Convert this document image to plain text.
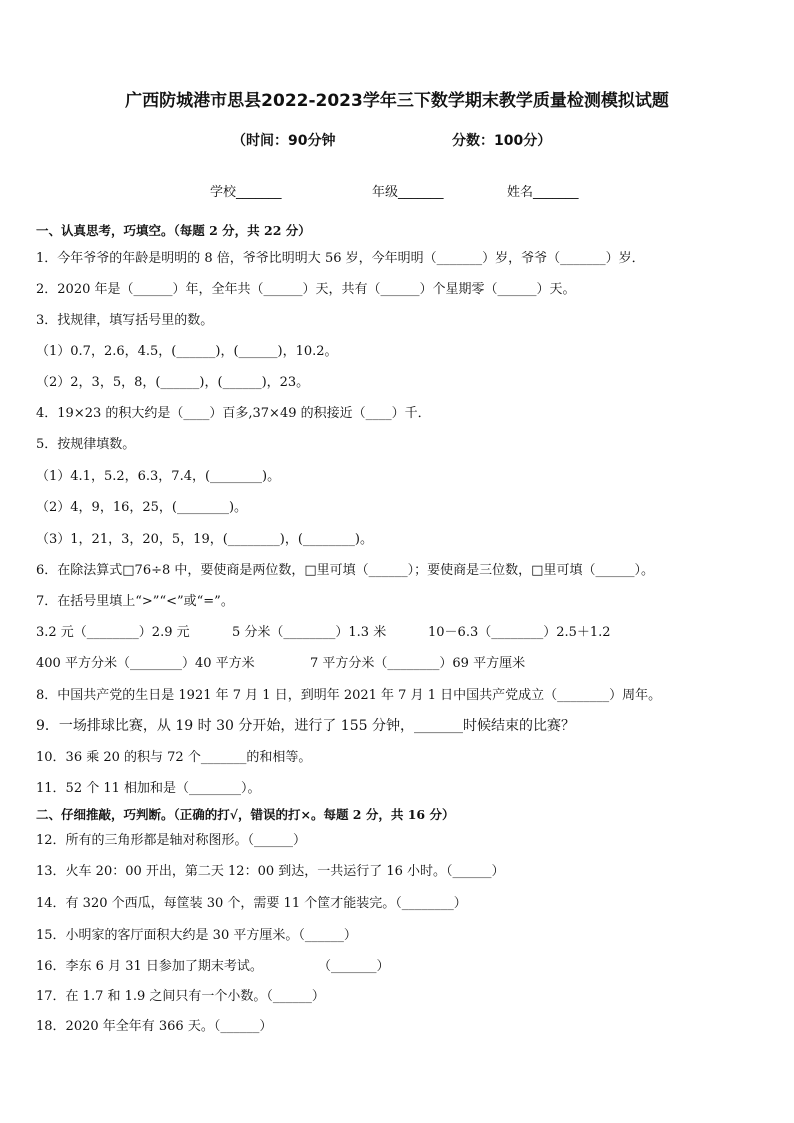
广西防城港市思县2022-2023学年三下数学期末教学质量检测模拟试题
（时间：90分钟	分数：100分）
学校_______	年级_______	姓名_______
一、认真思考，巧填空。（每题 2 分，共 22 分）
1．今年爷爷的年龄是明明的 8 倍，爷爷比明明大 56 岁，今年明明（_______）岁，爷爷（_______）岁．
2．2020 年是（______）年，全年共（______）天，共有（______）个星期零（______）天。
3．找规律，填写括号里的数。
（1）0.7，2.6，4.5，(______)，(______)，10.2。
（2）2，3，5，8，(______)，(______)，23。
4．19×23 的积大约是（____）百多,37×49 的积接近（____）千．
5．按规律填数。
（1）4.1，5.2，6.3，7.4，(________)。
（2）4，9，16，25，(________)。
（3）1，21，3，20，5，19，(________)，(________)。
6．在除法算式□76÷8 中，要使商是两位数，□里可填（______）；要使商是三位数，□里可填（______）。
7．在括号里填上“>”“<”或“=”。
3.2 元（________）2.9 元	5 分米（________）1.3 米	10－6.3（________）2.5＋1.2
400 平方分米（________）40 平方米	7 平方分米（________）69 平方厘米
8．中国共产党的生日是 1921 年 7 月 1 日，到明年 2021 年 7 月 1 日中国共产党成立（________）周年。
9．一场排球比赛，从 19 时 30 分开始，进行了 155 分钟，_______时候结束的比赛？
10．36 乘 20 的积与 72 个_______的和相等。
11．52 个 11 相加和是（________）。
二、仔细推敲，巧判断。（正确的打√，错误的打×。每题 2 分，共 16 分）
12．所有的三角形都是轴对称图形。（______）
13．火车 20：00 开出，第二天 12：00 到达，一共运行了 16 小时。（______）
14．有 320 个西瓜，每筐装 30 个，需要 11 个筐才能装完。（________）
15．小明家的客厅面积大约是 30 平方厘米。（______）
16．李东 6 月 31 日参加了期末考试。	（_______）
17．在 1.7 和 1.9 之间只有一个小数。（______）
18．2020 年全年有 366 天。（______）
